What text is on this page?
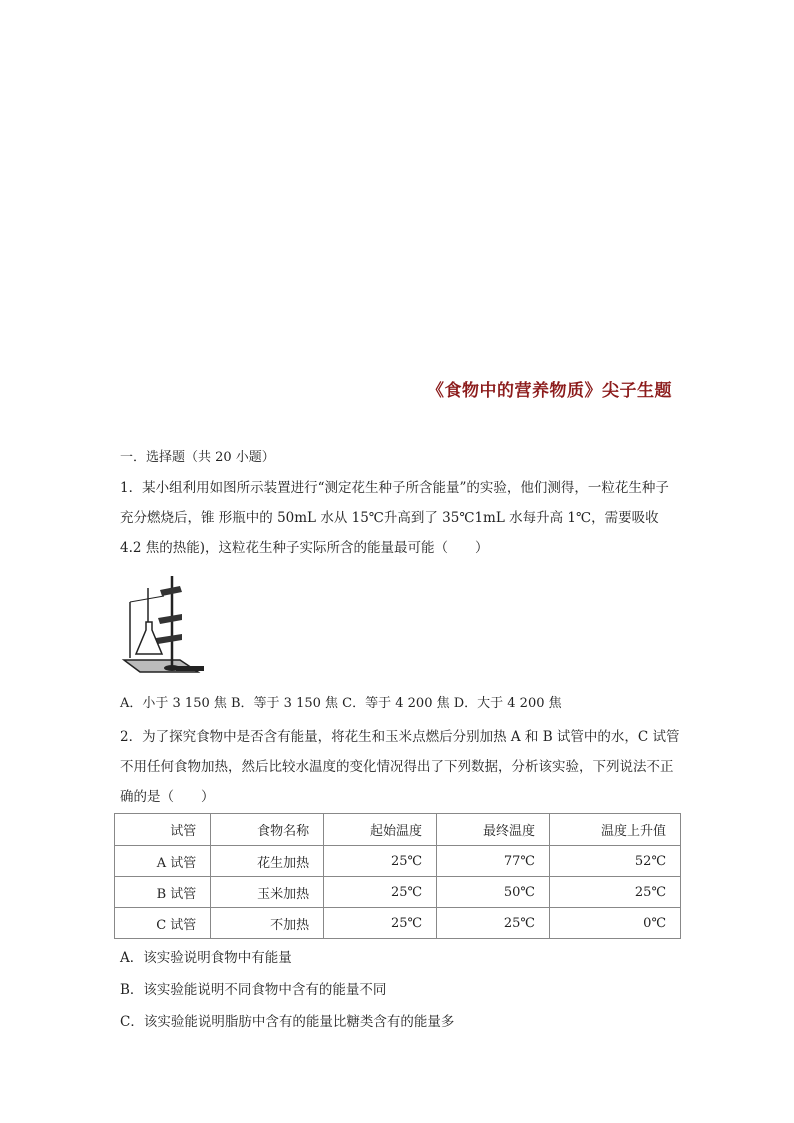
《食物中的营养物质》尖子生题
一．选择题（共 20 小题）

1．某小组利用如图所示装置进行“测定花生种子所含能量”的实验，他们测得，一粒花生种子充分燃烧后，锥 形瓶中的 50mL 水从 15℃升高到了 35℃1mL 水每升高 1℃，需要吸收 4.2 焦的热能)，这粒花生种子实际所含的能量最可能（　　）

A．小于 3 150 焦 B．等于 3 150 焦 C．等于 4 200 焦 D．大于 4 200 焦

2．为了探究食物中是否含有能量，将花生和玉米点燃后分别加热 A 和 B 试管中的水，C 试管不用任何食物加热，然后比较水温度的变化情况得出了下列数据，分析该实验，下列说法不正确的是（　　）

试管	食物名称	起始温度	最终温度	温度上升值
A 试管	花生加热	25℃	77℃	52℃
B 试管	玉米加热	25℃	50℃	25℃
C 试管	不加热	25℃	25℃	0℃
A．该实验说明食物中有能量
B．该实验能说明不同食物中含有的能量不同
C．该实验能说明脂肪中含有的能量比糖类含有的能量多
